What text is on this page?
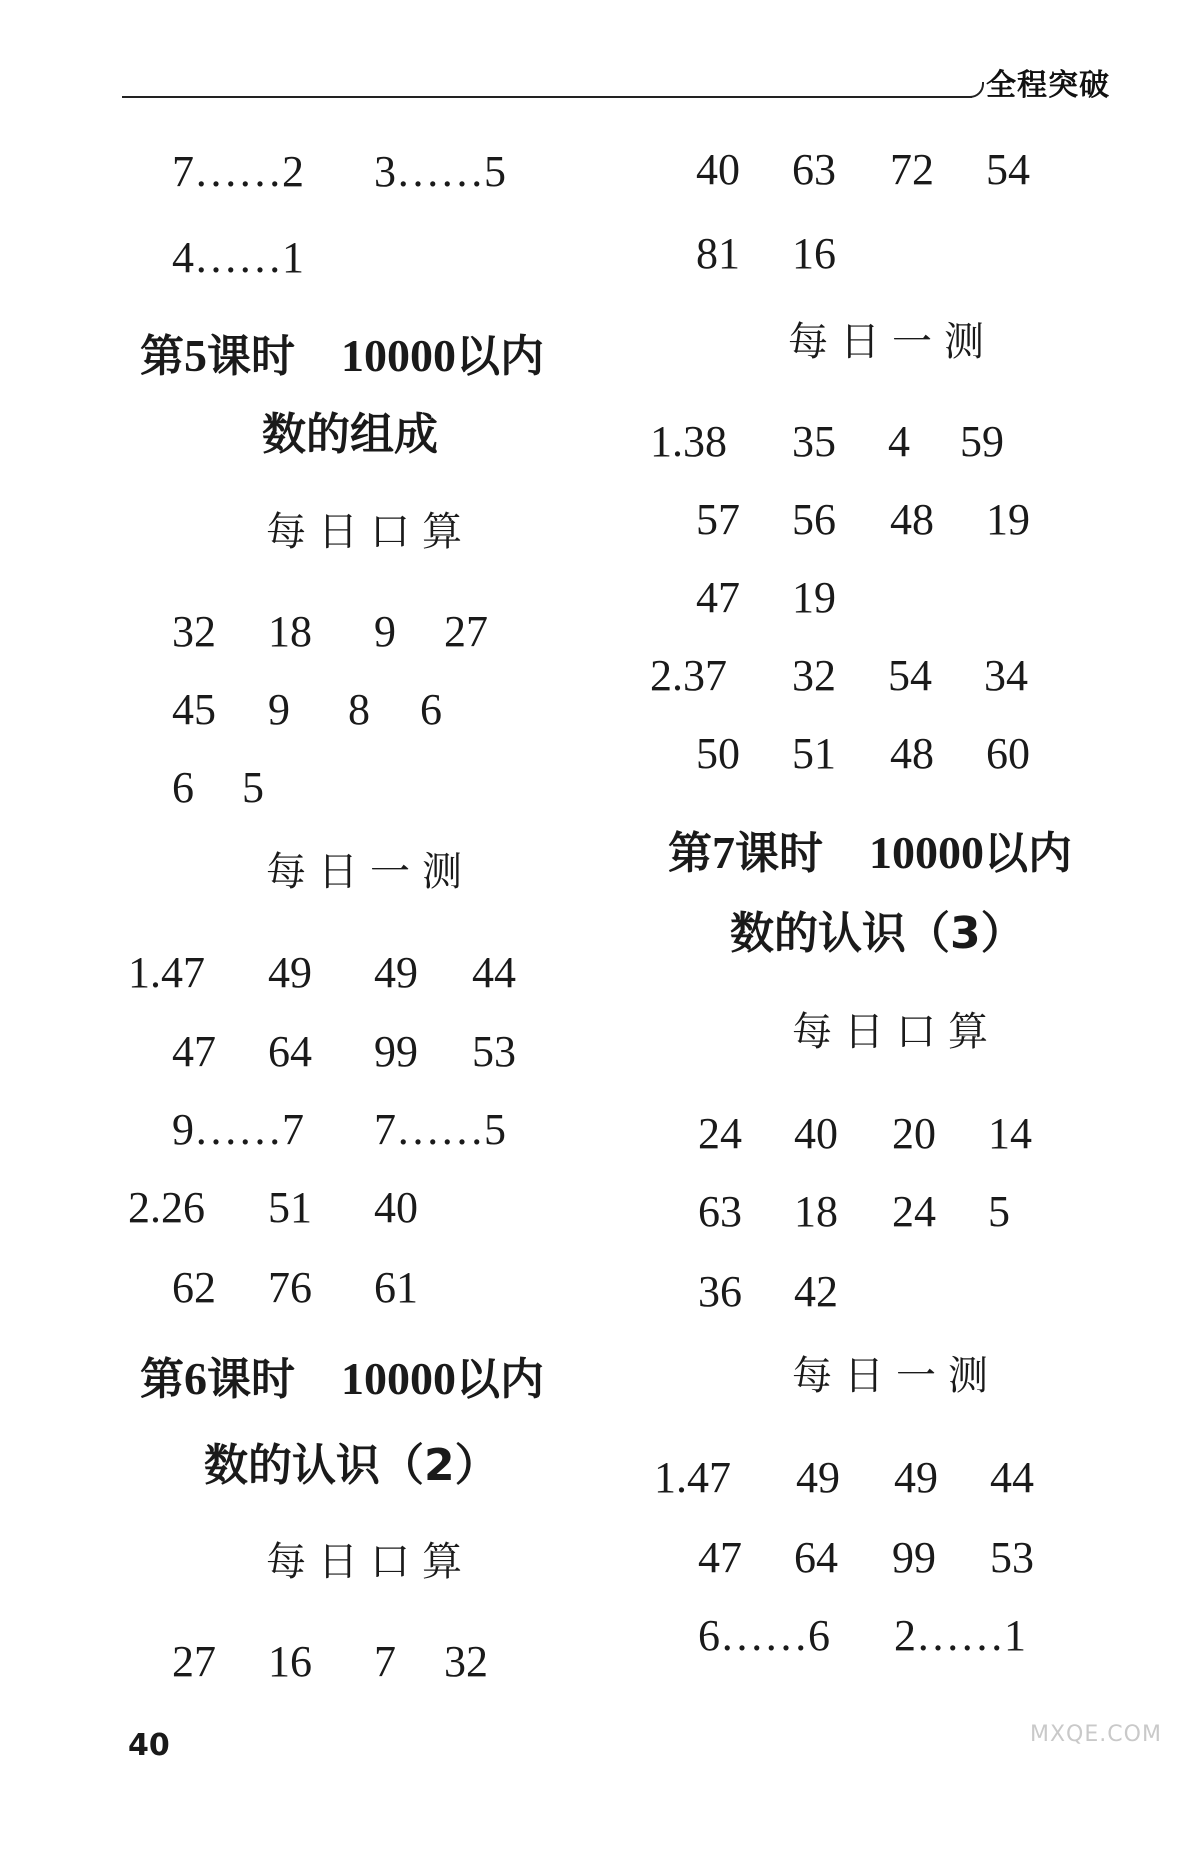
全程突破

7……2

3……5

4……1

第5课时 10000以内
数的组成
每日口算

32

18

9

27

45

9

8

6

6

5

每日一测

1.47

49

49

44

47

64

99

53

9……7

7……5

2.26

51

40

62

76

61

第6课时 10000以内
数的认识（2）
每日口算

27

16

7

32

40

63

72

54

81

16

每日一测

1.38

35

4

59

57

56

48

19

47

19

2.37

32

54

34

50

51

48

60

第7课时 10000以内
数的认识（3）
每日口算

24

40

20

14

63

18

24

5

36

42

每日一测

1.47

49

49

44

47

64

99

53

6……6

2……1

40	MXQE.COM
